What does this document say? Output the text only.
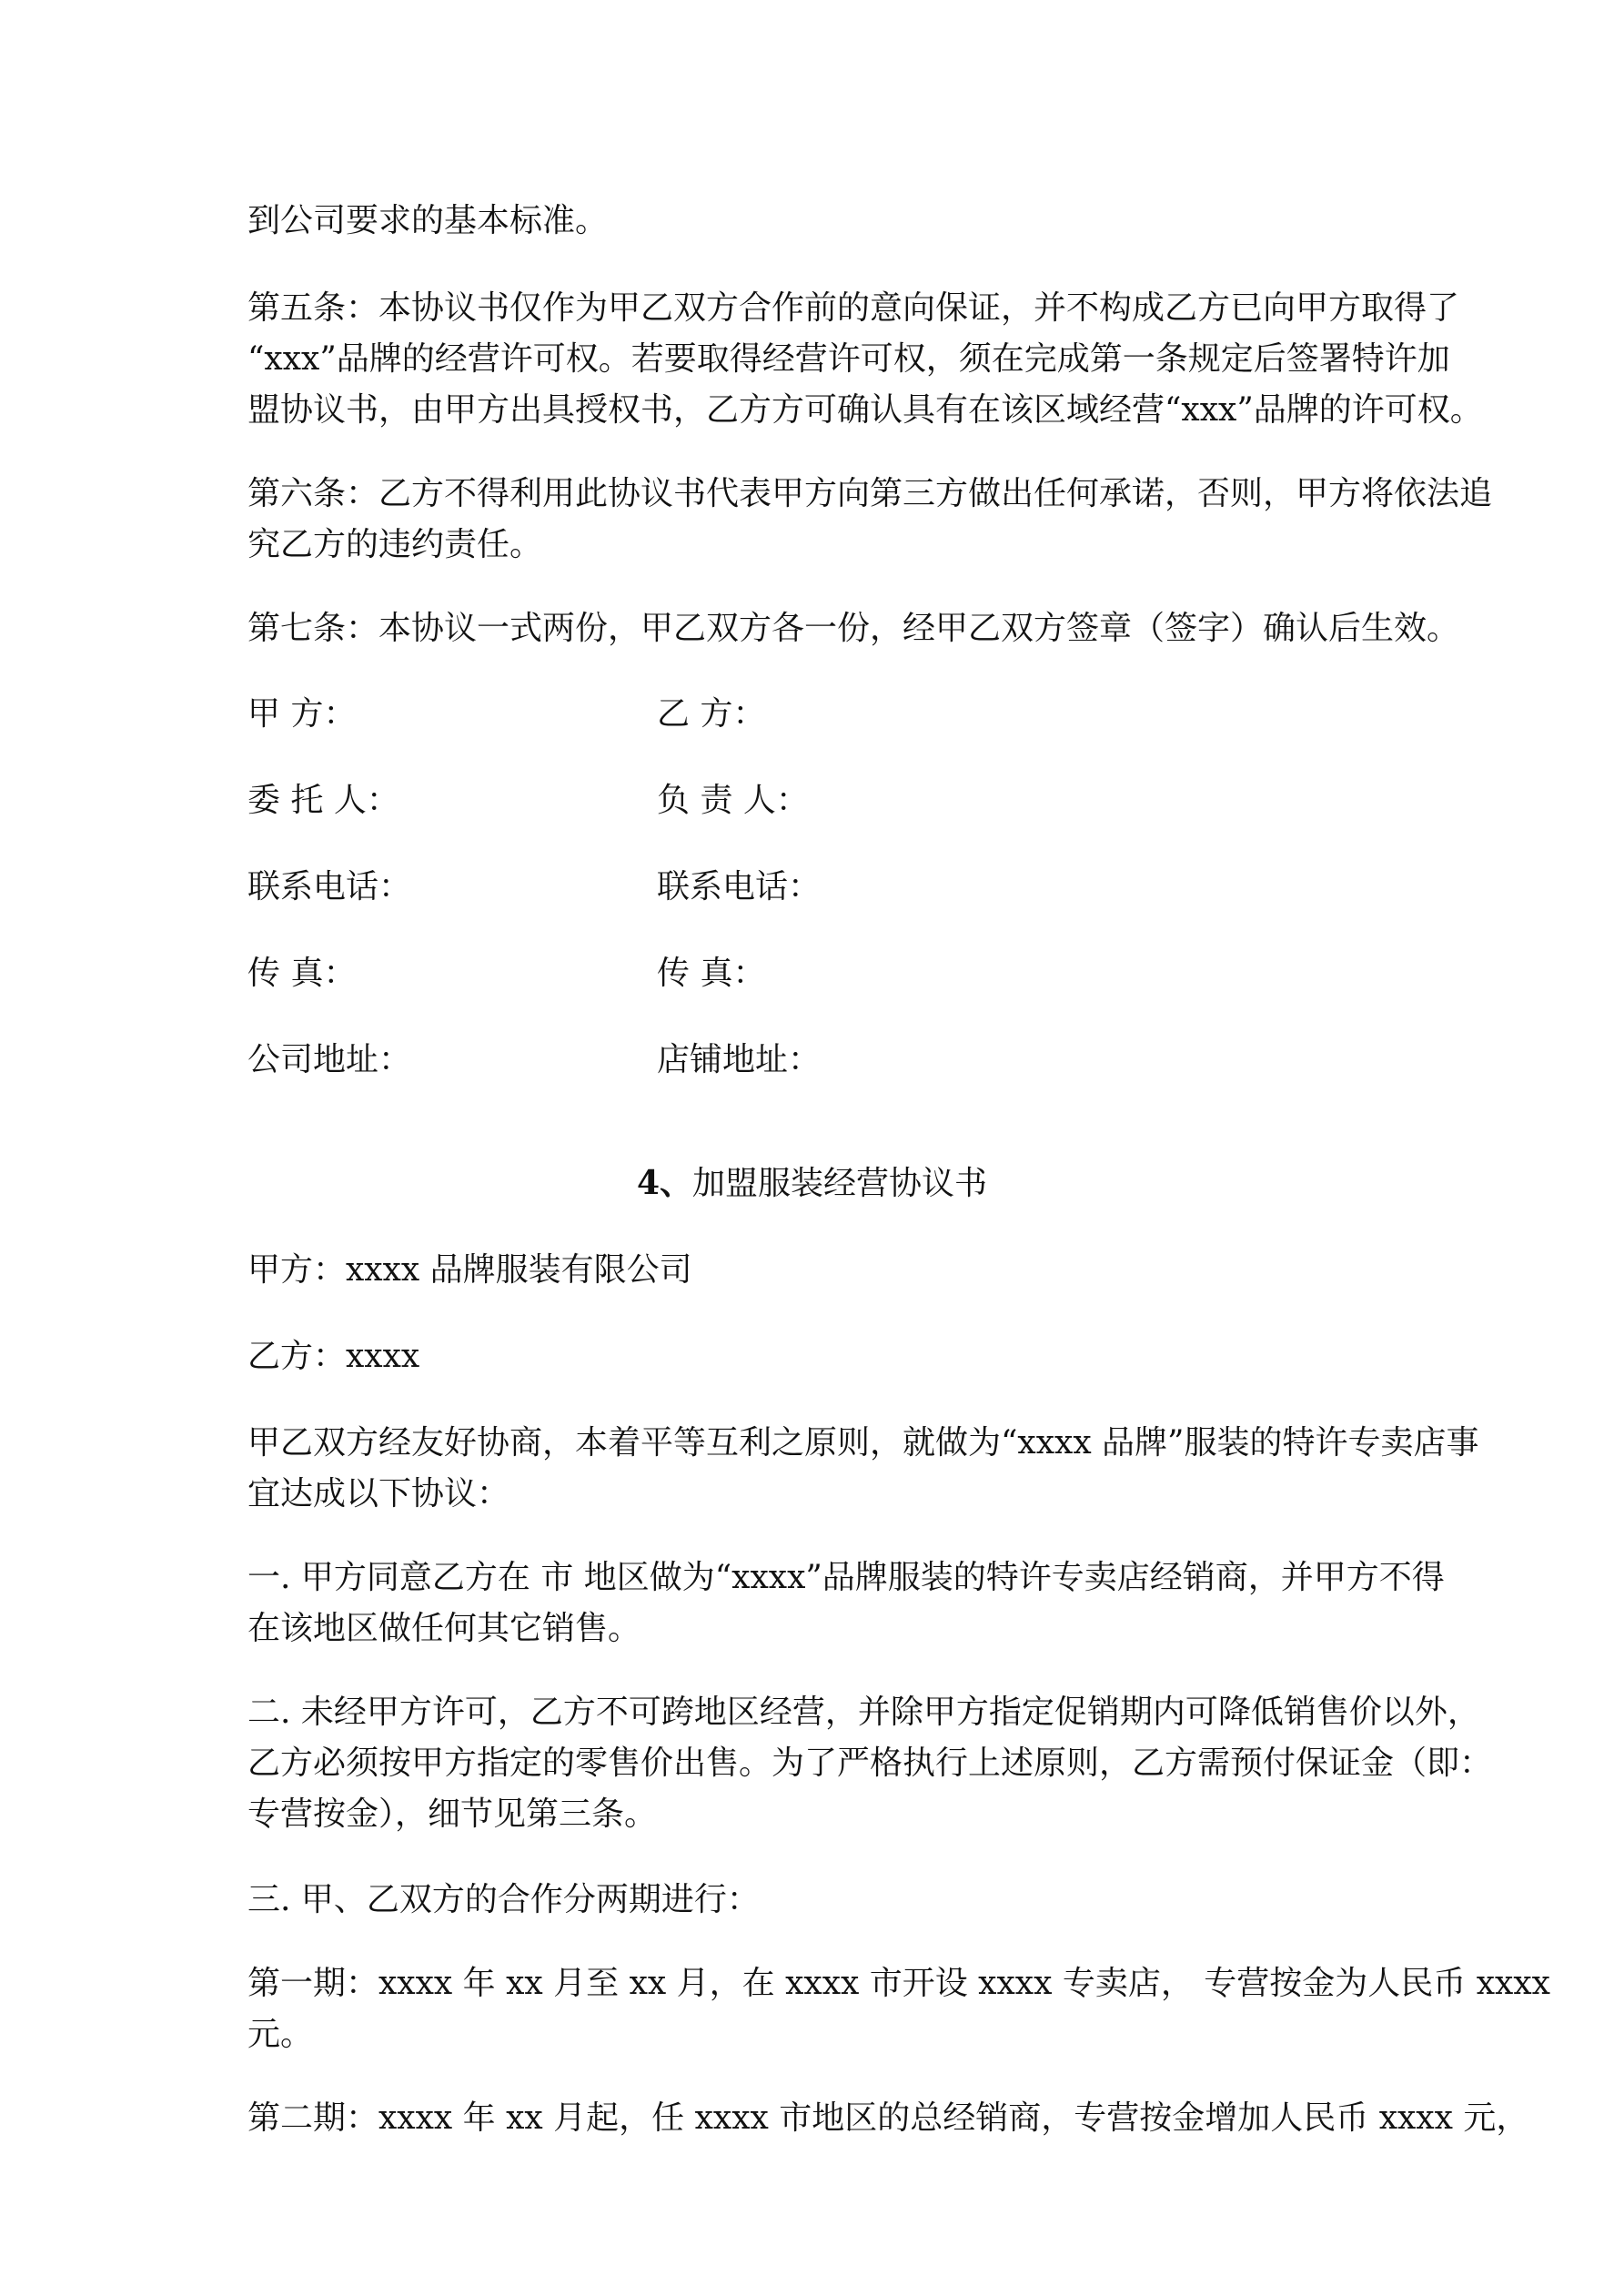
到公司要求的基本标准。
第五条：本协议书仅作为甲乙双方合作前的意向保证，并不构成乙方已向甲方取得了
“xxx”品牌的经营许可权。若要取得经营许可权，须在完成第一条规定后签署特许加
盟协议书，由甲方出具授权书，乙方方可确认具有在该区域经营“xxx”品牌的许可权。
第六条：乙方不得利用此协议书代表甲方向第三方做出任何承诺，否则，甲方将依法追
究乙方的违约责任。
第七条：本协议一式两份，甲乙双方各一份，经甲乙双方签章（签字）确认后生效。
甲 方：	乙 方：
委 托 人：	负 责 人：
联系电话：	联系电话：
传 真：	传 真：
公司地址：	店铺地址：
4、加盟服装经营协议书
甲方：xxxx 品牌服装有限公司
乙方：xxxx
甲乙双方经友好协商，本着平等互利之原则，就做为“xxxx 品牌”服装的特许专卖店事
宜达成以下协议：
一. 甲方同意乙方在 市 地区做为“xxxx”品牌服装的特许专卖店经销商，并甲方不得
在该地区做任何其它销售。
二. 未经甲方许可，乙方不可跨地区经营，并除甲方指定促销期内可降低销售价以外，
乙方必须按甲方指定的零售价出售。为了严格执行上述原则，乙方需预付保证金（即：
专营按金），细节见第三条。
三. 甲、乙双方的合作分两期进行：
第一期：xxxx 年 xx 月至 xx 月，在 xxxx 市开设 xxxx 专卖店， 专营按金为人民币 xxxx
元。
第二期：xxxx 年 xx 月起，任 xxxx 市地区的总经销商，专营按金增加人民币 xxxx 元，
